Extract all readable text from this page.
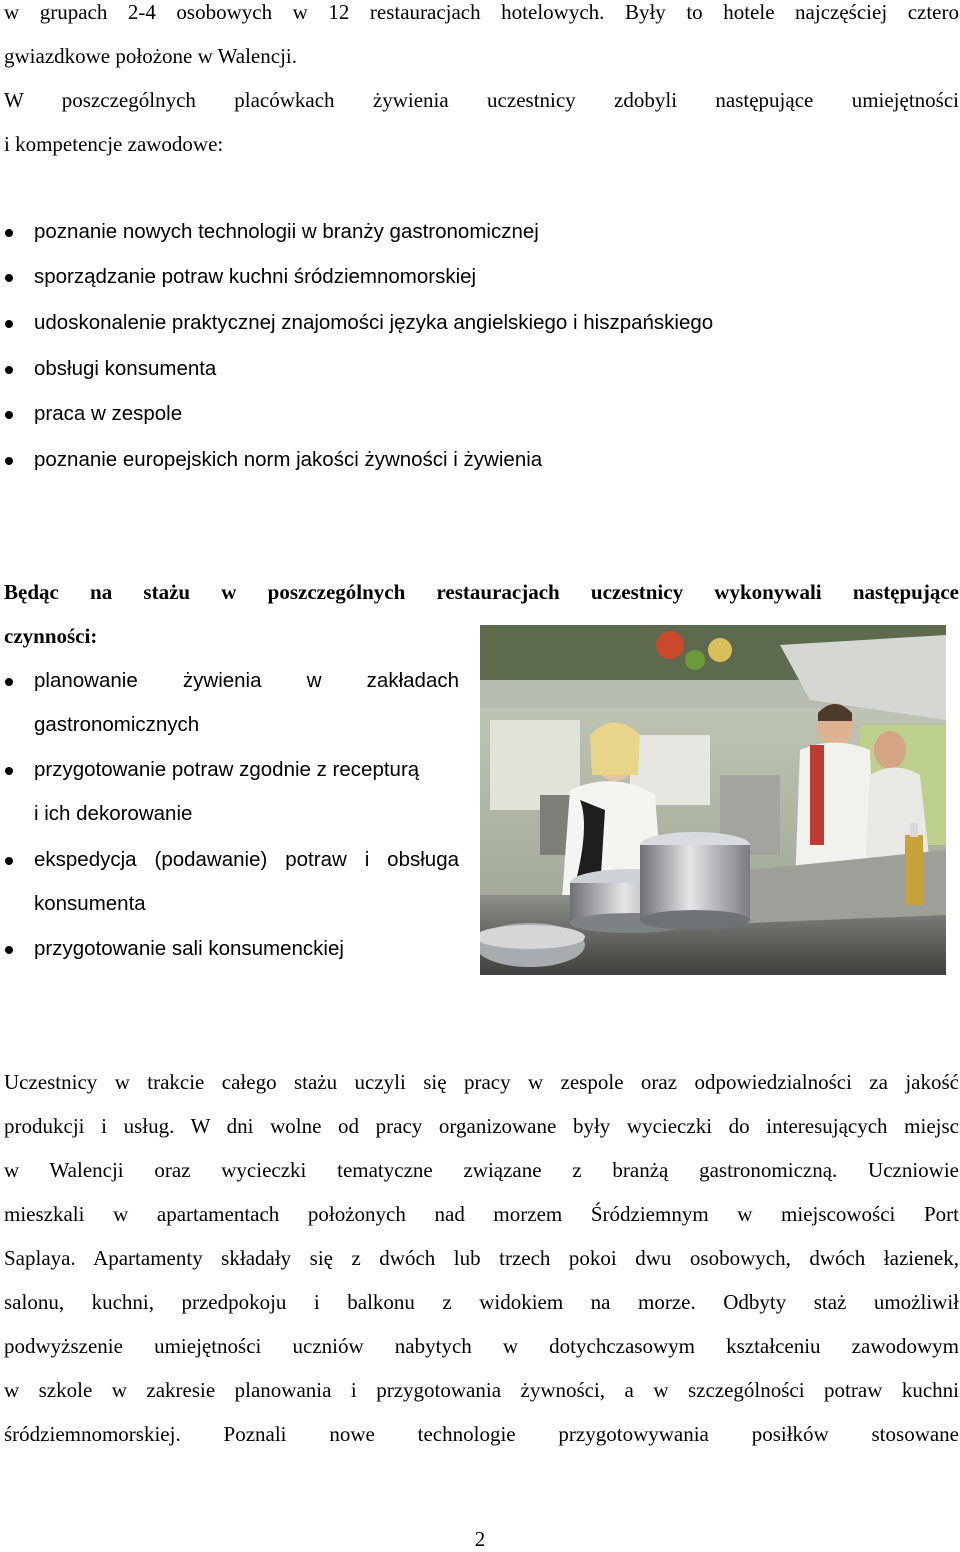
w grupach 2-4 osobowych w 12 restauracjach hotelowych. Były to hotele najczęściej cztero
gwiazdkowe położone w Walencji.
W poszczególnych placówkach żywienia uczestnicy zdobyli następujące umiejętności
i kompetencje zawodowe:
poznanie nowych technologii w branży gastronomicznej
sporządzanie potraw kuchni śródziemnomorskiej
udoskonalenie praktycznej znajomości języka angielskiego i hiszpańskiego
obsługi konsumenta
praca w zespole
poznanie europejskich norm jakości żywności i żywienia
Będąc na stażu w poszczególnych restauracjach uczestnicy wykonywali następujące
czynności:
planowanie żywienia w zakładach
gastronomicznych
przygotowanie potraw zgodnie z recepturą
i ich dekorowanie
ekspedycja (podawanie) potraw i obsługa
konsumenta
przygotowanie sali konsumenckiej
Uczestnicy w trakcie całego stażu uczyli się pracy w zespole oraz odpowiedzialności za jakość
produkcji i usług. W dni wolne od pracy organizowane były wycieczki do interesujących miejsc
w Walencji oraz wycieczki tematyczne związane z branżą gastronomiczną. Uczniowie
mieszkali w apartamentach położonych nad morzem Śródziemnym w miejscowości Port
Saplaya. Apartamenty składały się z dwóch lub trzech pokoi dwu osobowych, dwóch łazienek,
salonu, kuchni, przedpokoju i balkonu z widokiem na morze. Odbyty staż umożliwił
podwyższenie umiejętności uczniów nabytych w dotychczasowym kształceniu zawodowym
w szkole w zakresie planowania i przygotowania żywności, a w szczególności potraw kuchni
śródziemnomorskiej. Poznali nowe technologie przygotowywania posiłków stosowane
2
